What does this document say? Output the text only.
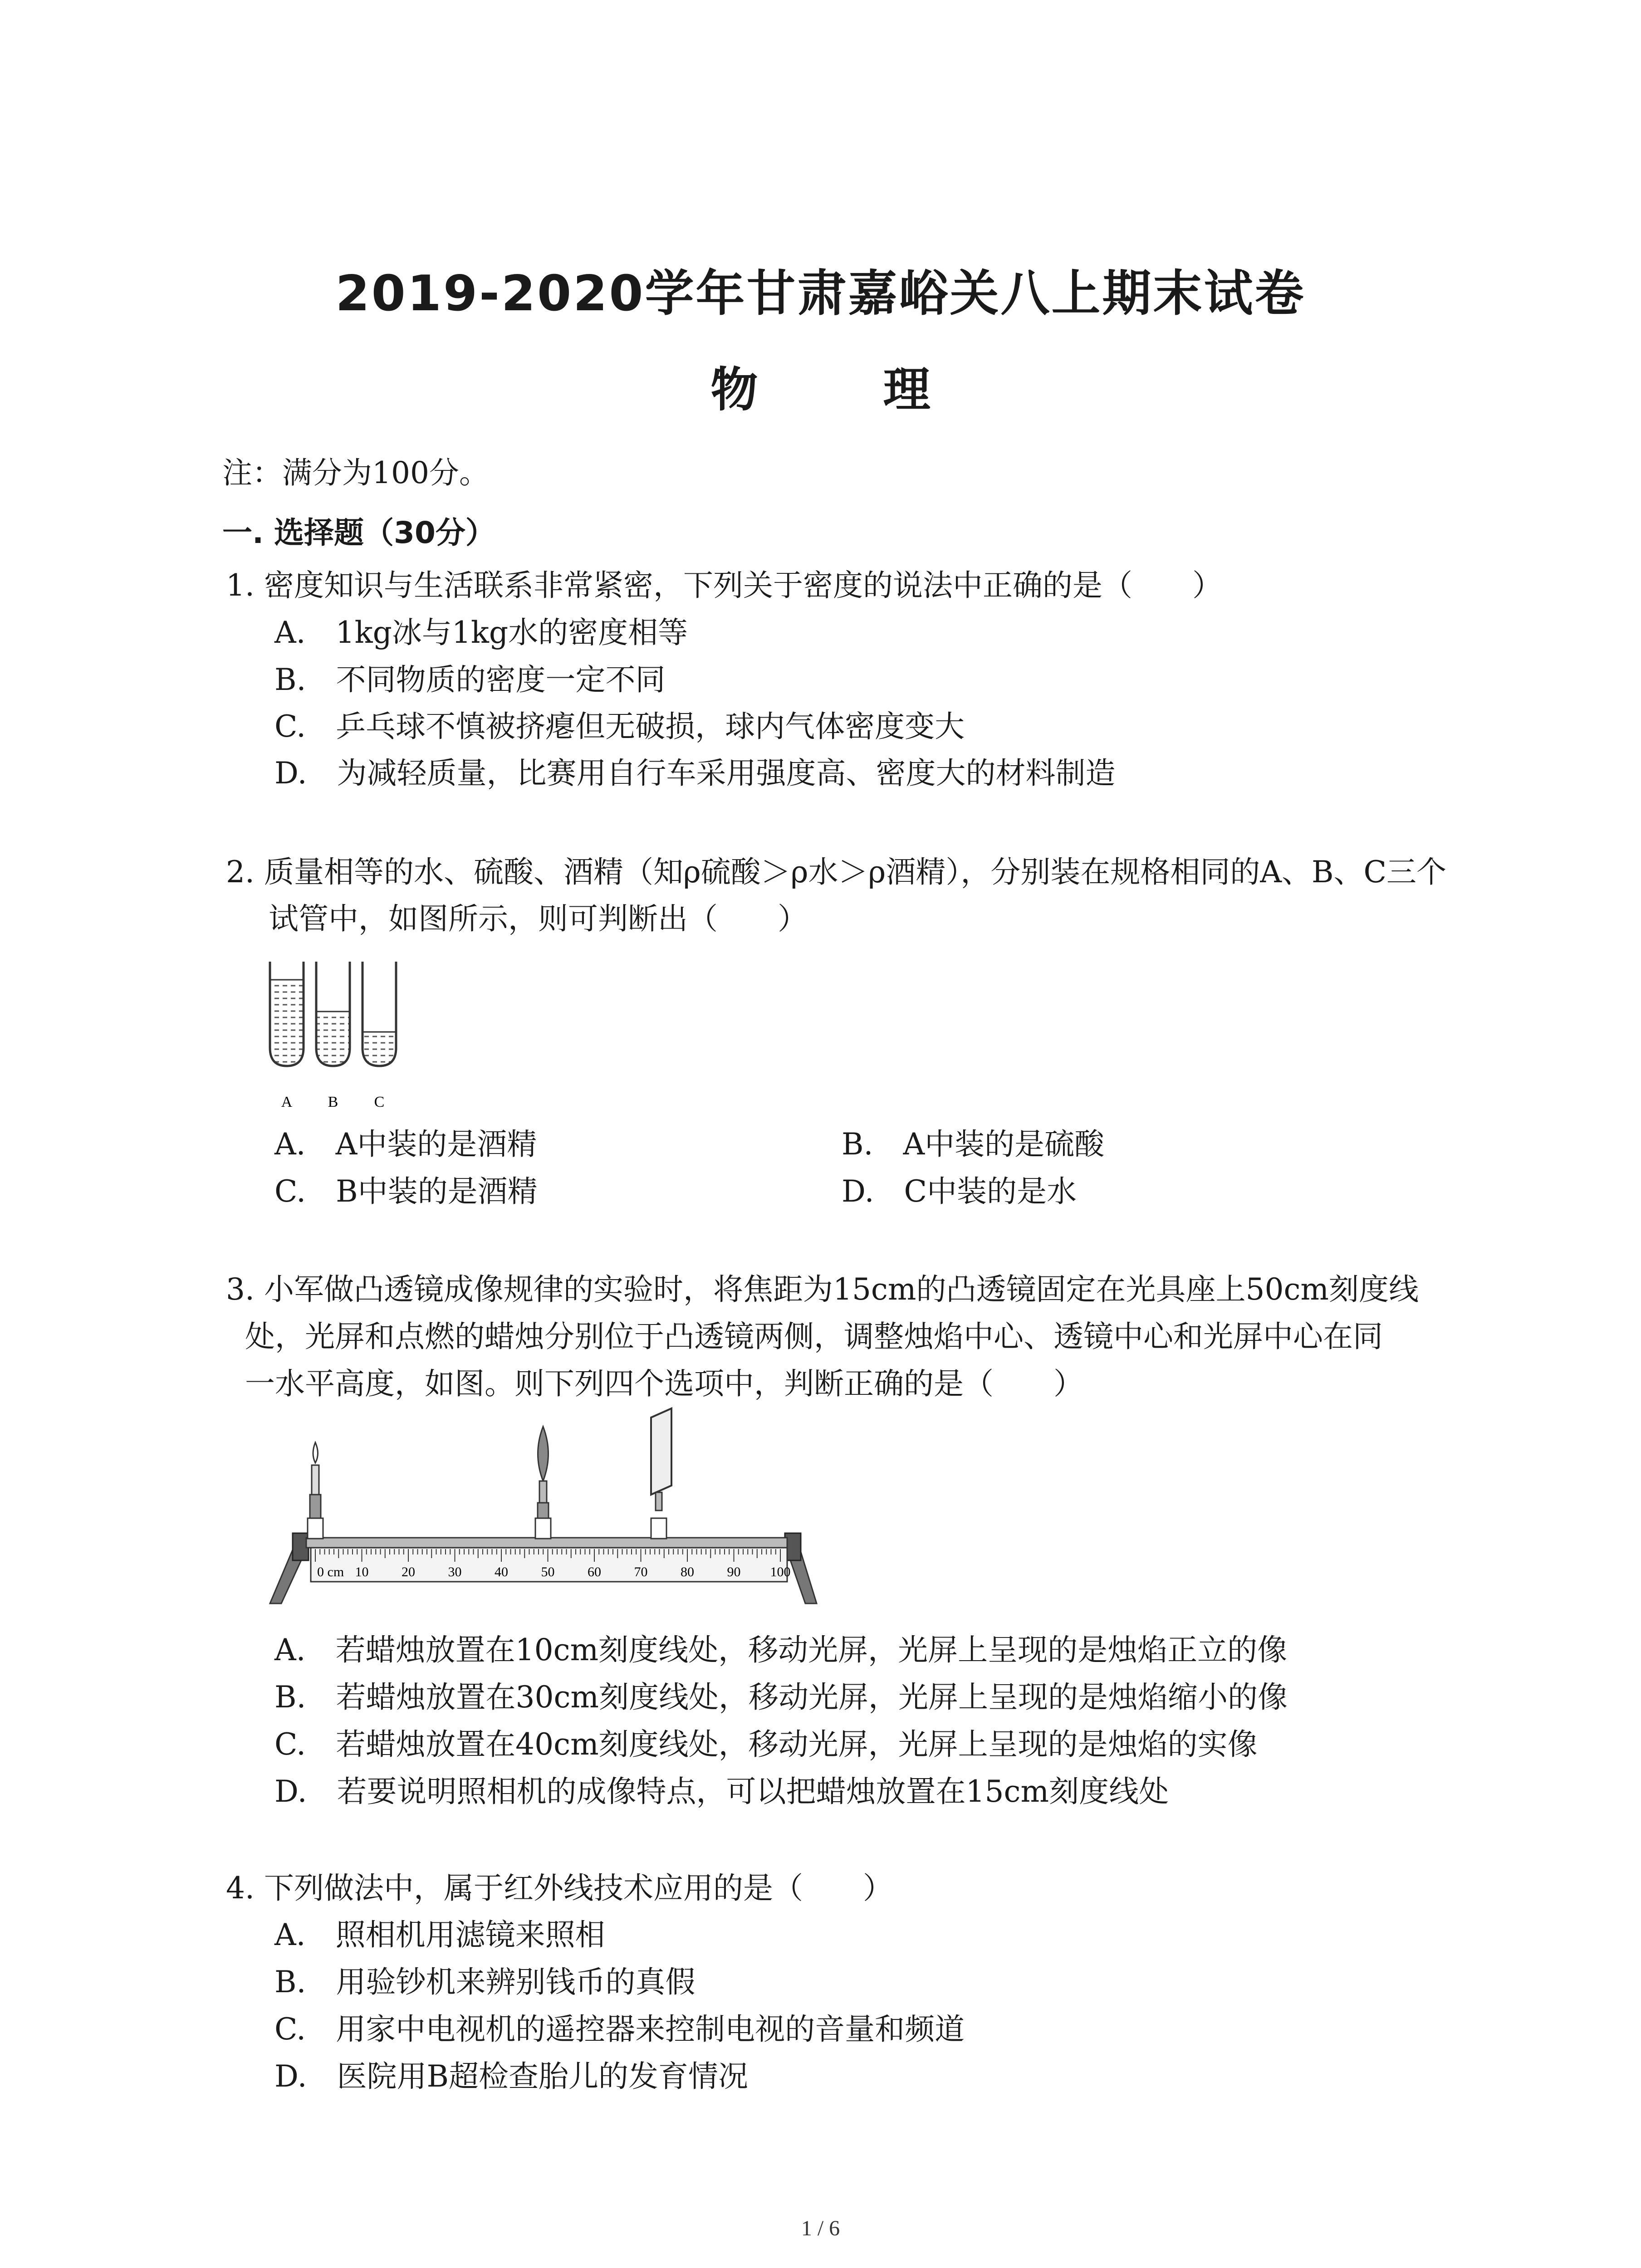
2019-2020学年甘肃嘉峪关八上期末试卷
物 理
注：满分为100分。
一. 选择题（30分）
1. 密度知识与生活联系非常紧密，下列关于密度的说法中正确的是（　　）
A.　1kg冰与1kg水的密度相等
B.　不同物质的密度一定不同
C.　乒乓球不慎被挤瘪但无破损，球内气体密度变大
D.　为减轻质量，比赛用自行车采用强度高、密度大的材料制造
2. 质量相等的水、硫酸、酒精（知ρ硫酸＞ρ水＞ρ酒精），分别装在规格相同的A、B、C三个
试管中，如图所示，则可判断出（　　）
A B C
A.　A中装的是酒精	B.　A中装的是硫酸
C.　B中装的是酒精	D.　C中装的是水
3. 小军做凸透镜成像规律的实验时，将焦距为15cm的凸透镜固定在光具座上50cm刻度线
处，光屏和点燃的蜡烛分别位于凸透镜两侧，调整烛焰中心、透镜中心和光屏中心在同
一水平高度，如图。则下列四个选项中，判断正确的是（　　）
0 cm 10 20 30 40 50 60 70 80 90 100
A.　若蜡烛放置在10cm刻度线处，移动光屏，光屏上呈现的是烛焰正立的像
B.　若蜡烛放置在30cm刻度线处，移动光屏，光屏上呈现的是烛焰缩小的像
C.　若蜡烛放置在40cm刻度线处，移动光屏，光屏上呈现的是烛焰的实像
D.　若要说明照相机的成像特点，可以把蜡烛放置在15cm刻度线处
4. 下列做法中，属于红外线技术应用的是（　　）
A.　照相机用滤镜来照相
B.　用验钞机来辨别钱币的真假
C.　用家中电视机的遥控器来控制电视的音量和频道
D.　医院用B超检查胎儿的发育情况
1 / 6
